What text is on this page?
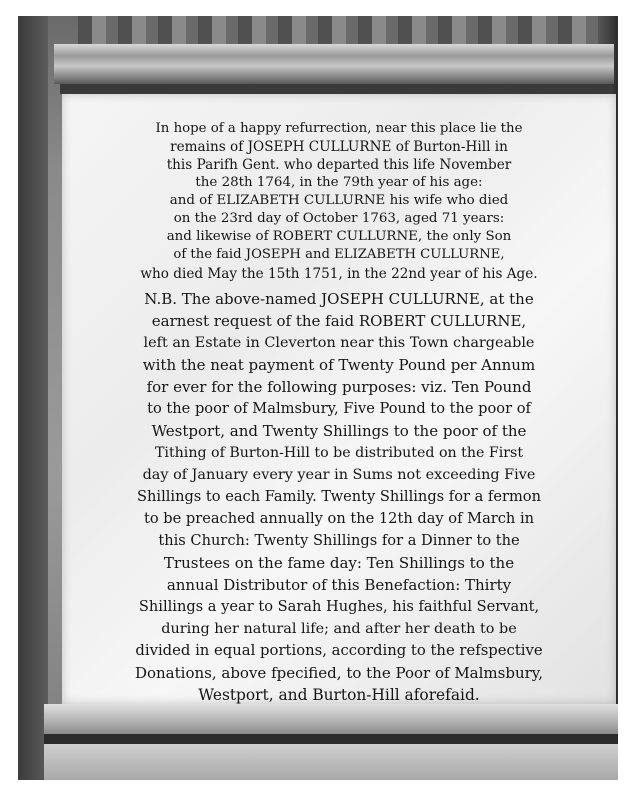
In hope of a happy refurrection, near this place lie the
remains of JOSEPH CULLURNE of Burton-Hill in
this Parifh Gent. who departed this life November
the 28th 1764, in the 79th year of his age:
and of ELIZABETH CULLURNE his wife who died
on the 23rd day of October 1763, aged 71 years:
and likewise of ROBERT CULLURNE, the only Son
of the faid JOSEPH and ELIZABETH CULLURNE,
who died May the 15th 1751, in the 22nd year of his Age.
N.B. The above-named JOSEPH CULLURNE, at the
earnest request of the faid ROBERT CULLURNE,
left an Estate in Cleverton near this Town chargeable
with the neat payment of Twenty Pound per Annum
for ever for the following purposes: viz. Ten Pound
to the poor of Malmsbury, Five Pound to the poor of
Westport, and Twenty Shillings to the poor of the
Tithing of Burton-Hill to be distributed on the First
day of January every year in Sums not exceeding Five
Shillings to each Family. Twenty Shillings for a fermon
to be preached annually on the 12th day of March in
this Church: Twenty Shillings for a Dinner to the
Trustees on the fame day: Ten Shillings to the
annual Distributor of this Benefaction: Thirty
Shillings a year to Sarah Hughes, his faithful Servant,
during her natural life; and after her death to be
divided in equal portions, according to the refspective
Donations, above fpecified, to the Poor of Malmsbury,
Westport, and Burton-Hill aforefaid.
